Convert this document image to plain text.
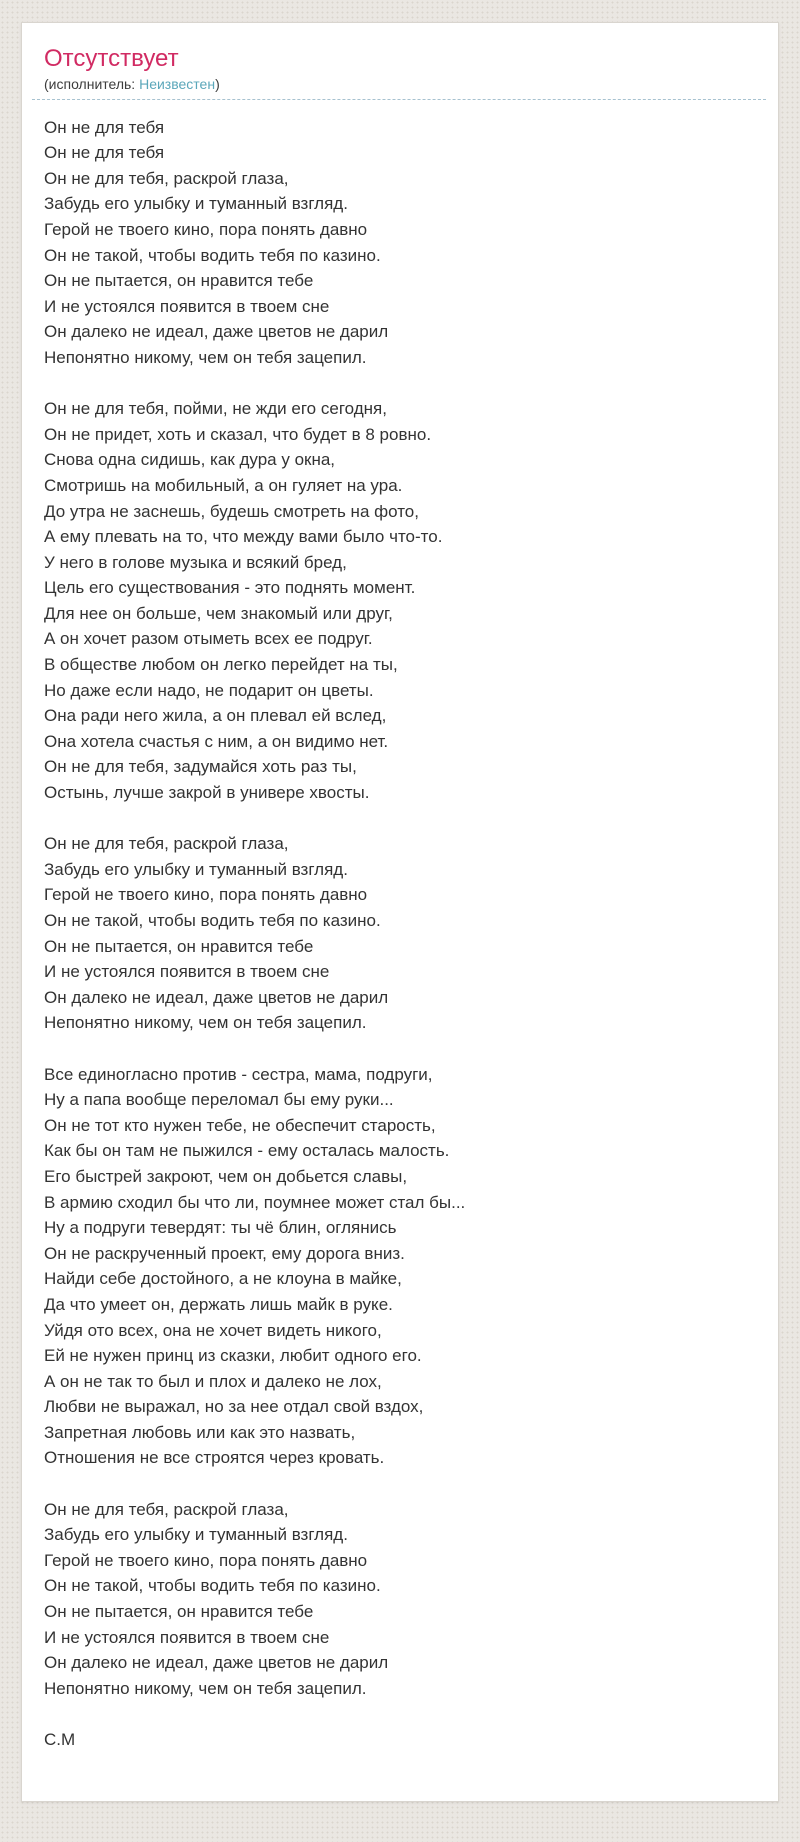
Отсутствует
(исполнитель: Неизвестен)

Он не для тебя
Он не для тебя
Он не для тебя, раскрой глаза,
Забудь его улыбку и туманный взгляд.
Герой не твоего кино, пора понять давно
Он не такой, чтобы водить тебя по казино.
Он не пытается, он нравится тебе
И не устоялся появится в твоем сне
Он далеко не идеал, даже цветов не дарил
Непонятно никому, чем он тебя зацепил.

Он не для тебя, пойми, не жди его сегодня,
Он не придет, хоть и сказал, что будет в 8 ровно.
Снова одна сидишь, как дура у окна,
Смотришь на мобильный, а он гуляет на ура.
До утра не заснешь, будешь смотреть на фото,
А ему плевать на то, что между вами было что-то.
У него в голове музыка и всякий бред,
Цель его существования - это поднять момент.
Для нее он больше, чем знакомый или друг,
А он хочет разом отыметь всех ее подруг.
В обществе любом он легко перейдет на ты,
Но даже если надо, не подарит он цветы.
Она ради него жила, а он плевал ей вслед,
Она хотела счастья с ним, а он видимо нет.
Он не для тебя, задумайся хоть раз ты,
Остынь, лучше закрой в универе хвосты.

Он не для тебя, раскрой глаза,
Забудь его улыбку и туманный взгляд.
Герой не твоего кино, пора понять давно
Он не такой, чтобы водить тебя по казино.
Он не пытается, он нравится тебе
И не устоялся появится в твоем сне
Он далеко не идеал, даже цветов не дарил
Непонятно никому, чем он тебя зацепил.

Все единогласно против - сестра, мама, подруги,
Ну а папа вообще переломал бы ему руки...
Он не тот кто нужен тебе, не обеспечит старость,
Как бы он там не пыжился - ему осталась малость.
Его быстрей закроют, чем он добьется славы,
В армию сходил бы что ли, поумнее может стал бы...
Ну а подруги тевердят: ты чё блин, оглянись
Он не раскрученный проект, ему дорога вниз.
Найди себе достойного, а не клоуна в майке,
Да что умеет он, держать лишь майк в руке.
Уйдя ото всех, она не хочет видеть никого,
Ей не нужен принц из сказки, любит одного его.
А он не так то был и плох и далеко не лох,
Любви не выражал, но за нее отдал свой вздох,
Запретная любовь или как это назвать,
Отношения не все строятся через кровать.

Он не для тебя, раскрой глаза,
Забудь его улыбку и туманный взгляд.
Герой не твоего кино, пора понять давно
Он не такой, чтобы водить тебя по казино.
Он не пытается, он нравится тебе
И не устоялся появится в твоем сне
Он далеко не идеал, даже цветов не дарил
Непонятно никому, чем он тебя зацепил.

С.М
